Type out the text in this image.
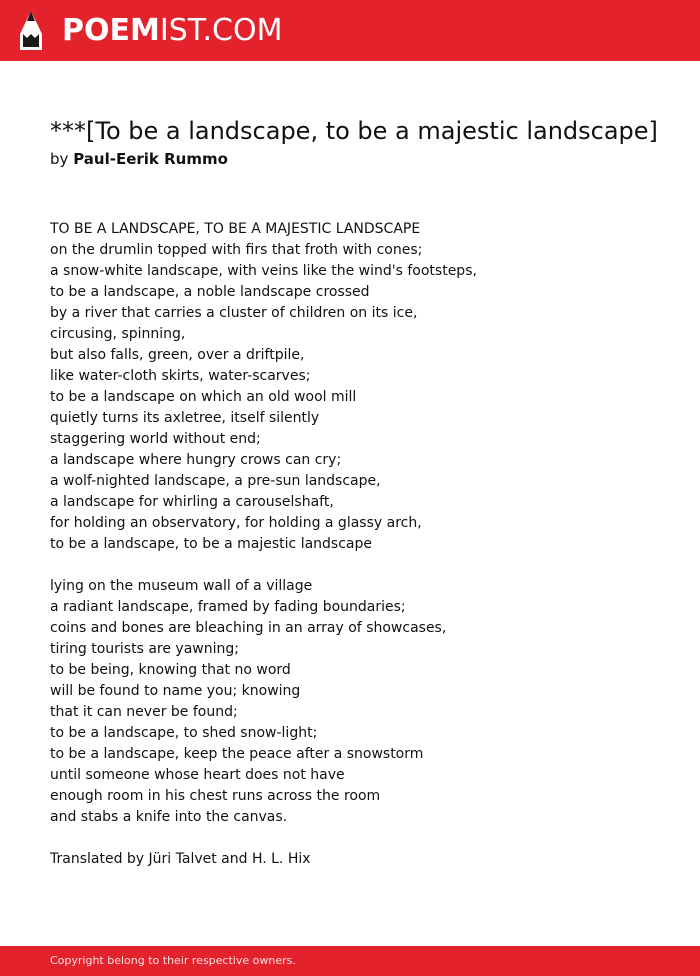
POEMIST.COM
***[To be a landscape, to be a majestic landscape]
by Paul-Eerik Rummo
TO BE A LANDSCAPE, TO BE A MAJESTIC LANDSCAPE
on the drumlin topped with firs that froth with cones;
a snow-white landscape, with veins like the wind's footsteps,
to be a landscape, a noble landscape crossed
by a river that carries a cluster of children on its ice,
circusing, spinning,
but also falls, green, over a driftpile,
like water-cloth skirts, water-scarves;
to be a landscape on which an old wool mill
quietly turns its axletree, itself silently
staggering world without end;
a landscape where hungry crows can cry;
a wolf-nighted landscape, a pre-sun landscape,
a landscape for whirling a carouselshaft,
for holding an observatory, for holding a glassy arch,
to be a landscape, to be a majestic landscape
lying on the museum wall of a village
a radiant landscape, framed by fading boundaries;
coins and bones are bleaching in an array of showcases,
tiring tourists are yawning;
to be being, knowing that no word
will be found to name you; knowing
that it can never be found;
to be a landscape, to shed snow-light;
to be a landscape, keep the peace after a snowstorm
until someone whose heart does not have
enough room in his chest runs across the room
and stabs a knife into the canvas.
Translated by Jüri Talvet and H. L. Hix
Copyright belong to their respective owners.
